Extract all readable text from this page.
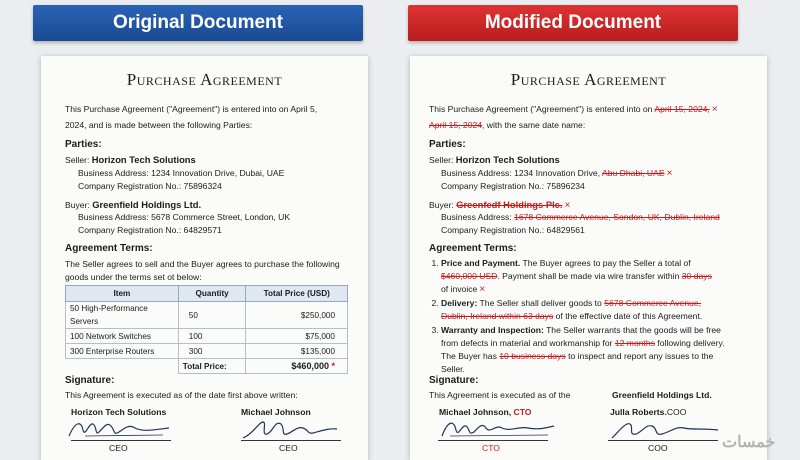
Original Document	Modified Document
Purchase Agreement
This Purchase Agreement ("Agreement") is entered into on April 5,
2024, and is made between the following Parties:
Parties:
Seller: Horizon Tech Solutions
Business Address: 1234 Innovation Drive, Dubai, UAE
Company Registration No.: 75896324
Buyer: Greenfield Holdings Ltd.
Business Address: 5678 Commerce Street, London, UK
Company Registration No.: 64829571
Agreement Terms:
The Seller agrees to sell and the Buyer agrees to purchase the following
goods under the terms set ot below:
Item	Quantity	Total Price (USD)
50 High-Performance Servers	50	$250,000
100 Network Switches	100	$75,000
300 Enterprise Routers	300	$135,000
	Total Price:	$460,000 *
Signature:
This Agreement is executed as of the date first above written:
Horizon Tech Solutions	Michael Johnson
CEO	CEO
Purchase Agreement
This Purchase Agreement ("Agreement") is entered into on April 15, 2024, ×
April 15, 2024, with the same date name:
Parties:
Seller: Horizon Tech Solutions
Business Address: 1234 Innovation Drive, Abu Dhabi, UAE ×
Company Registration No.: 75896234
Buyer: Greenfedf Holdings Plc. ×
Business Address: 1678 Commerce Avenue, Sondon, UK, Dublin, Ireland
Company Registration No.: 64829561
Agreement Terms:
1. Price and Payment. The Buyer agrees to pay the Seller a total of
$460,000 USD. Payment shall be made via wire transfer within 30 days
of invoice ×
2. Delivery: The Seller shall deliver goods to 5678 Commerce Avenue,
Dublin, Ireland within 63 days of the effective date of this Agreement.
3. Warranty and Inspection: The Seller warrants that the goods will be free
from defects in material and workmanship for 12 months following delivery.
The Buyer has 10 business days to inspect and report any issues to the
Seller.
Signature:
This Agreement is executed as of the	Greenfield Holdings Ltd.
Michael Johnson, CTO	Julla Roberts.COO
CTO	COO	خمسات
